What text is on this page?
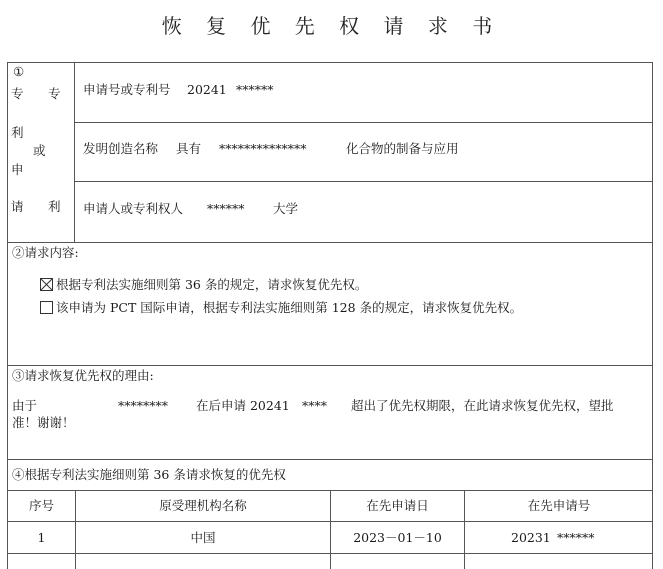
恢 复 优 先 权 请 求 书
①
专 专
利
或
申
请 利
申请号或专利号 20241 ******
发明创造名称 具有 **************	化合物的制备与应用
申请人或专利权人 ****** 大学
②请求内容:
根据专利法实施细则第 36 条的规定，请求恢复优先权。
该申请为 PCT 国际申请，根据专利法实施细则第 128 条的规定，请求恢复优先权。
③请求恢复优先权的理由:
由于	******** 在后申请 20241 **** 超出了优先权期限，在此请求恢复优先权，望批
准！谢谢！
④根据专利法实施细则第 36 条请求恢复的优先权
序号	原受理机构名称	在先申请日	在先申请号
1	中国	2023－01－10	20231 ******
